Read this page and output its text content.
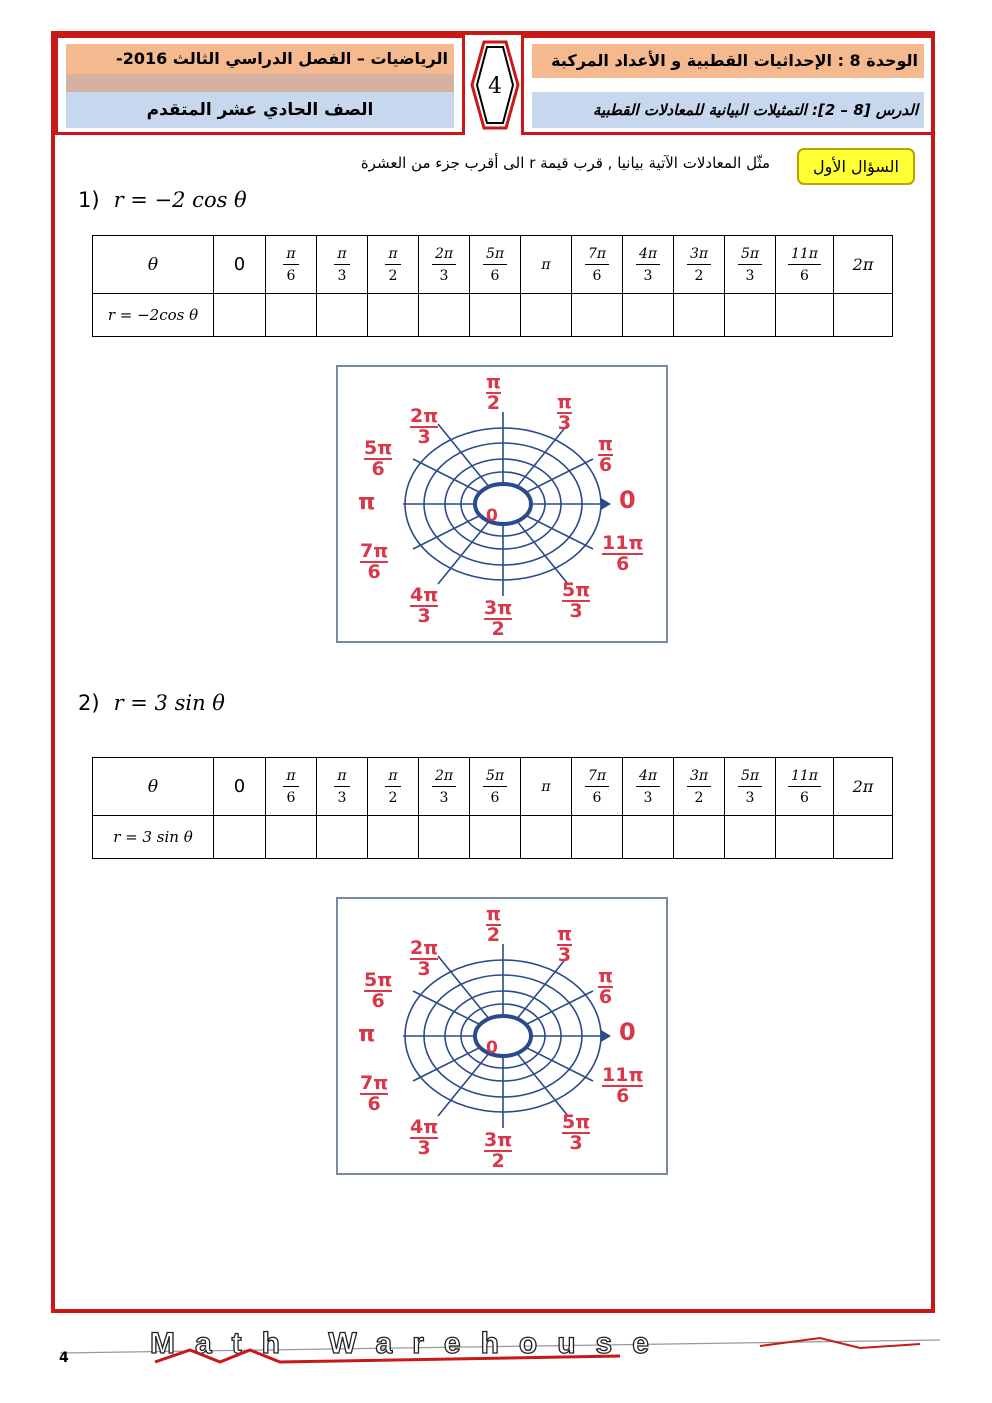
الوحدة 8 : الإحداثيات القطبية و الأعداد المركبة
الدرس [8 – 2]: التمثيلات البيانية للمعادلات القطبية
الرياضيات – الفصل الدراسي الثالث 2016-
الصف الحادي عشر المتقدم
4
السؤال الأول
مثّل المعادلات الآتية بيانيا , قرب قيمة r الى أقرب جزء من العشرة
1) r = −2 cos θ
θ	0	$\frac{\pi}{6}$	$\frac{\pi}{3}$	$\frac{\pi}{2}$	$\frac{2\pi}{3}$	$\frac{5\pi}{6}$	π	$\frac{7\pi}{6}$	$\frac{4\pi}{3}$	$\frac{3\pi}{2}$	$\frac{5\pi}{3}$	$\frac{11\pi}{6}$	2π
r = −2cos θ													
0
0
π
π
2	π
3
π
6
2π
3
5π
6
7π
6
4π
3	3π
2
5π
3
11π
6
2) r = 3 sin θ
θ	0	$\frac{\pi}{6}$	$\frac{\pi}{3}$	$\frac{\pi}{2}$	$\frac{2\pi}{3}$	$\frac{5\pi}{6}$	π	$\frac{7\pi}{6}$	$\frac{4\pi}{3}$	$\frac{3\pi}{2}$	$\frac{5\pi}{3}$	$\frac{11\pi}{6}$	2π
r = 3 sin θ													
0
0
π
π
2	π
3
π
6
2π
3
5π
6
7π
6
4π
3	3π
2
5π
3
11π
6
Math Warehouse
4
